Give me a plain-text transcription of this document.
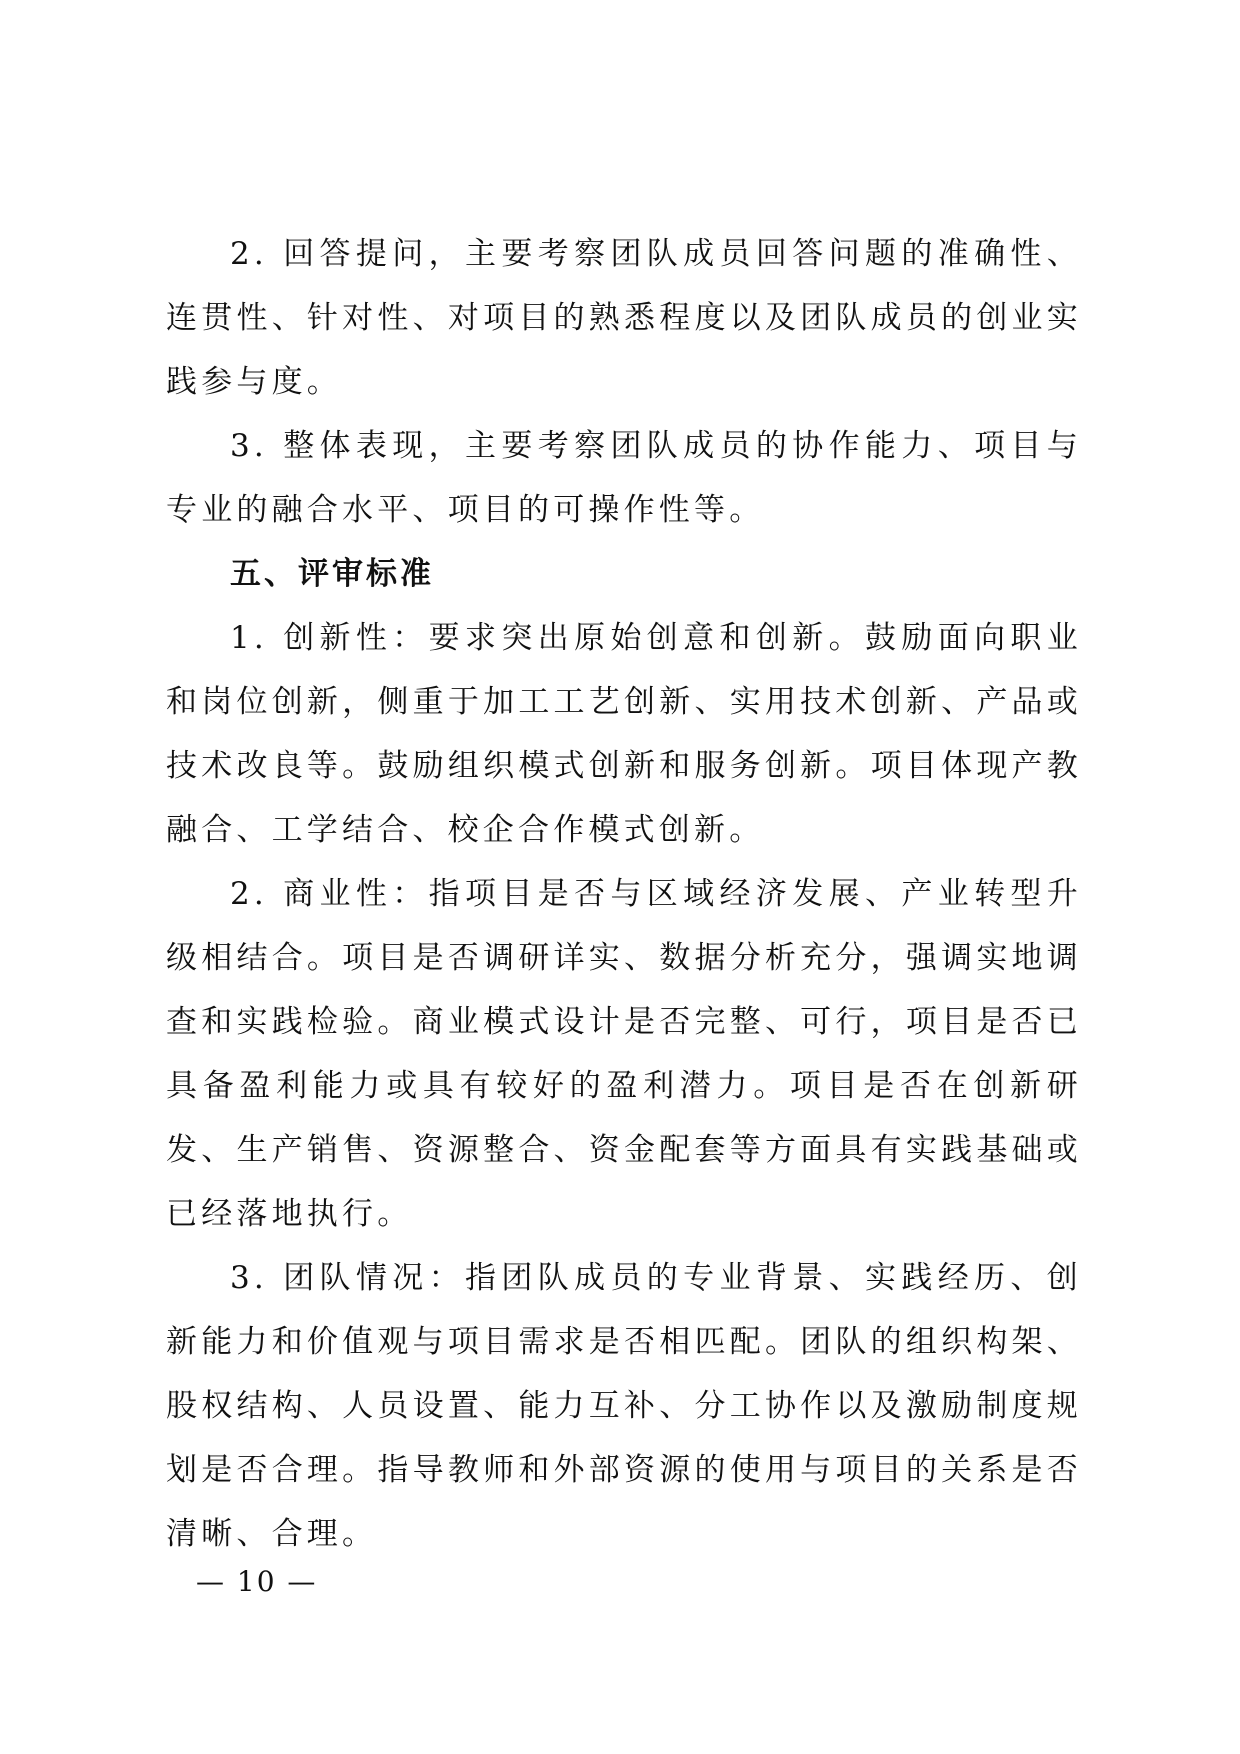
2. 回答提问，主要考察团队成员回答问题的准确性、连贯性、针对性、对项目的熟悉程度以及团队成员的创业实践参与度。

3. 整体表现，主要考察团队成员的协作能力、项目与专业的融合水平、项目的可操作性等。

五、评审标准

1. 创新性：要求突出原始创意和创新。鼓励面向职业和岗位创新，侧重于加工工艺创新、实用技术创新、产品或技术改良等。鼓励组织模式创新和服务创新。项目体现产教融合、工学结合、校企合作模式创新。

2. 商业性：指项目是否与区域经济发展、产业转型升级相结合。项目是否调研详实、数据分析充分，强调实地调查和实践检验。商业模式设计是否完整、可行，项目是否已具备盈利能力或具有较好的盈利潜力。项目是否在创新研发、生产销售、资源整合、资金配套等方面具有实践基础或已经落地执行。

3. 团队情况：指团队成员的专业背景、实践经历、创新能力和价值观与项目需求是否相匹配。团队的组织构架、股权结构、人员设置、能力互补、分工协作以及激励制度规划是否合理。指导教师和外部资源的使用与项目的关系是否清晰、合理。

— 10 —
